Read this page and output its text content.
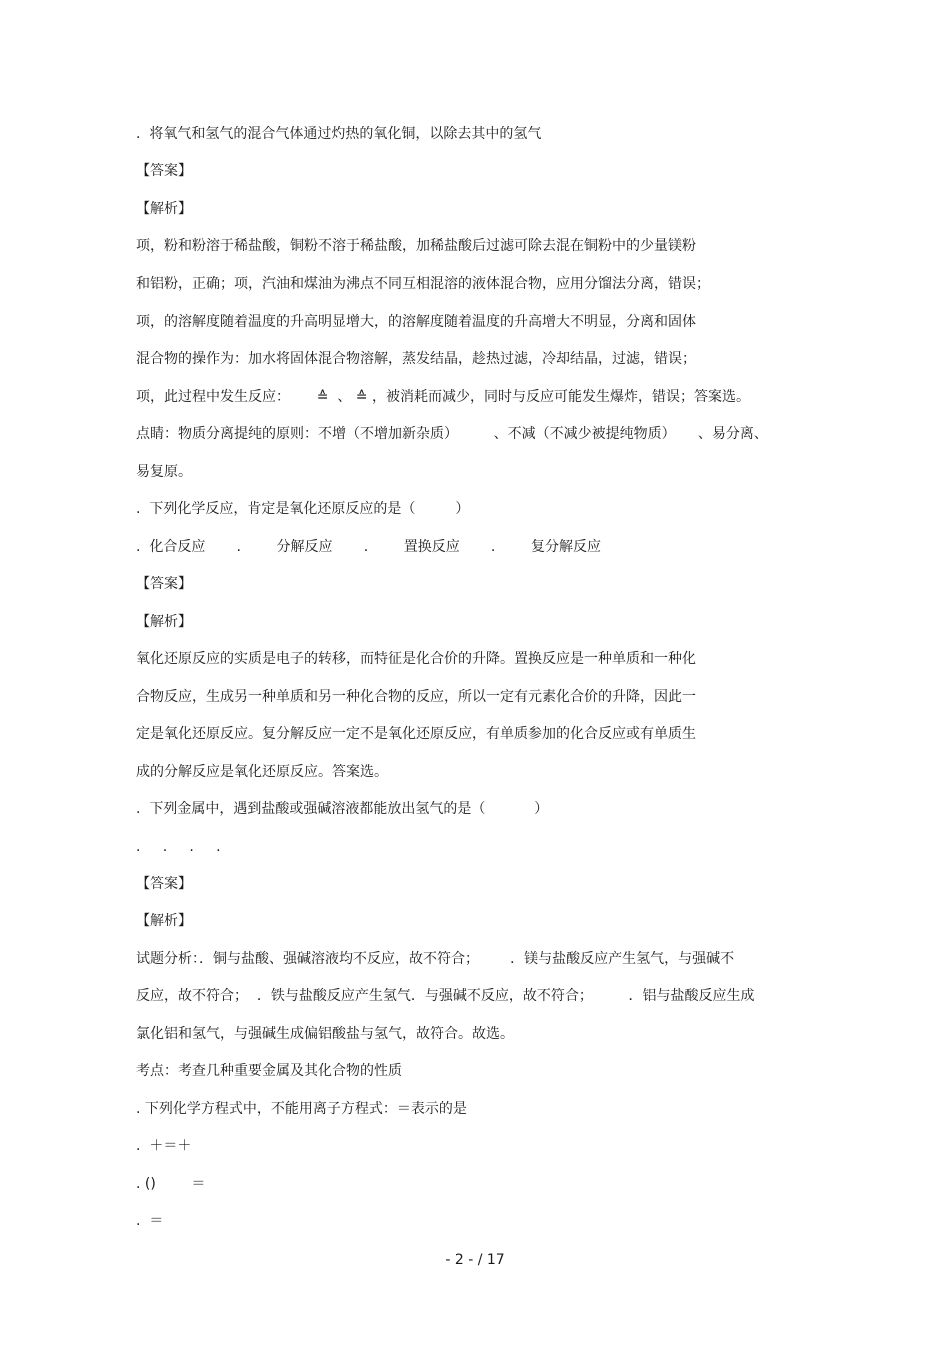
.  将氧气和氢气的混合气体通过灼热的氧化铜，以除去其中的氢气
【答案】
【解析】
项，粉和粉溶于稀盐酸，铜粉不溶于稀盐酸，加稀盐酸后过滤可除去混在铜粉中的少量镁粉
和铝粉，正确；项，汽油和煤油为沸点不同互相混溶的液体混合物，应用分馏法分离，错误；
项，的溶解度随着温度的升高明显增大，的溶解度随着温度的升高增大不明显，分离和固体
混合物的操作为：加水将固体混合物溶解，蒸发结晶，趁热过滤，冷却结晶，过滤，错误；
项，此过程中发生反应：      ≙  、 ≙ ，被消耗而减少，同时与反应可能发生爆炸，错误；答案选。
点睛：物质分离提纯的原则：不增（不增加新杂质）        、不减（不减少被提纯物质）     、易分离、
易复原。
.  下列化学反应，肯定是氧化还原反应的是（         ）
.  化合反应       .        分解反应       .        置换反应       .        复分解反应
【答案】
【解析】
氧化还原反应的实质是电子的转移，而特征是化合价的升降。置换反应是一种单质和一种化
合物反应，生成另一种单质和另一种化合物的反应，所以一定有元素化合价的升降，因此一
定是氧化还原反应。复分解反应一定不是氧化还原反应，有单质参加的化合反应或有单质生
成的分解反应是氧化还原反应。答案选。
.  下列金属中，遇到盐酸或强碱溶液都能放出氢气的是（           ）
.     .     .     .
【答案】
【解析】
试题分析：．铜与盐酸、强碱溶液均不反应，故不符合；       ．镁与盐酸反应产生氢气，与强碱不
反应，故不符合；  ．铁与盐酸反应产生氢气．与强碱不反应，故不符合；        ．铝与盐酸反应生成
氯化铝和氢气，与强碱生成偏铝酸盐与氢气，故符合。故选。
考点：考查几种重要金属及其化合物的性质
. 下列化学方程式中，不能用离子方程式：＝表示的是
.  ＋＝＋
. ()        ＝
.  ＝
- 2 - / 17
